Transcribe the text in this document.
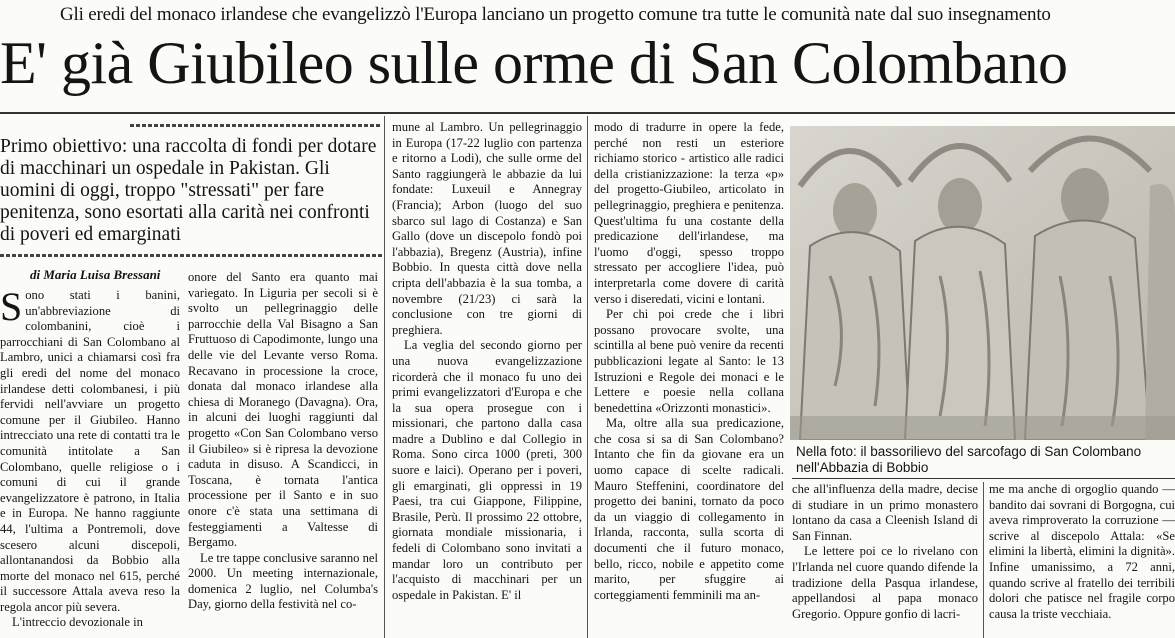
Gli eredi del monaco irlandese che evangelizzò l'Europa lanciano un progetto comune tra tutte le comunità nate dal suo insegnamento
E' già Giubileo sulle orme di San Colombano
Primo obiettivo: una raccolta di fondi per dotare di macchinari un ospedale in Pakistan. Gli uomini di oggi, troppo "stressati" per fare penitenza, sono esortati alla carità nei confronti di poveri ed emarginati
di Maria Luisa Bressani

Sono stati i banini, un'abbreviazione di colombanini, cioè i parrocchiani di San Colombano al Lambro, unici a chiamarsi così fra gli eredi del nome del monaco irlandese detti colombanesi, i più fervidi nell'avviare un progetto comune per il Giubileo. Hanno intrecciato una rete di contatti tra le comunità intitolate a San Colombano, quelle religiose o i comuni di cui il grande evangelizzatore è patrono, in Italia e in Europa. Ne hanno raggiunte 44, l'ultima a Pontremoli, dove scesero alcuni discepoli, allontanandosi da Bobbio alla morte del monaco nel 615, perché il successore Attala aveva reso la regola ancor più severa.

L'intreccio devozionale in

onore del Santo era quanto mai variegato. In Liguria per secoli si è svolto un pellegrinaggio delle parrocchie della Val Bisagno a San Fruttuoso di Capodimonte, lungo una delle vie del Levante verso Roma. Recavano in processione la croce, donata dal monaco irlandese alla chiesa di Moranego (Davagna). Ora, in alcuni dei luoghi raggiunti dal progetto «Con San Colombano verso il Giubileo» si è ripresa la devozione caduta in disuso. A Scandicci, in Toscana, è tornata l'antica processione per il Santo e in suo onore c'è stata una settimana di festeggiamenti a Valtesse di Bergamo.

Le tre tappe conclusive saranno nel 2000. Un meeting internazionale, domenica 2 luglio, nel Columba's Day, giorno della festività nel co-

mune al Lambro. Un pellegrinaggio in Europa (17-22 luglio con partenza e ritorno a Lodi), che sulle orme del Santo raggiungerà le abbazie da lui fondate: Luxeuil e Annegray (Francia); Arbon (luogo del suo sbarco sul lago di Costanza) e San Gallo (dove un discepolo fondò poi l'abbazia), Bregenz (Austria), infine Bobbio. In questa città dove nella cripta dell'abbazia è la sua tomba, a novembre (21/23) ci sarà la conclusione con tre giorni di preghiera.

La veglia del secondo giorno per una nuova evangelizzazione ricorderà che il monaco fu uno dei primi evangelizzatori d'Europa e che la sua opera prosegue con i missionari, che partono dalla casa madre a Dublino e dal Collegio in Roma. Sono circa 1000 (preti, 300 suore e laici). Operano per i poveri, gli emarginati, gli oppressi in 19 Paesi, tra cui Giappone, Filippine, Brasile, Perù. Il prossimo 22 ottobre, giornata mondiale missionaria, i fedeli di Colombano sono invitati a mandar loro un contributo per l'acquisto di macchinari per un ospedale in Pakistan. E' il

modo di tradurre in opere la fede, perché non resti un esteriore richiamo storico - artistico alle radici della cristianizzazione: la terza «p» del progetto-Giubileo, articolato in pellegrinaggio, preghiera e penitenza. Quest'ultima fu una costante della predicazione dell'irlandese, ma l'uomo d'oggi, spesso troppo stressato per accogliere l'idea, può interpretarla come dovere di carità verso i diseredati, vicini e lontani.

Per chi poi crede che i libri possano provocare svolte, una scintilla al bene può venire da recenti pubblicazioni legate al Santo: le 13 Istruzioni e Regole dei monaci e le Lettere e poesie nella collana benedettina «Orizzonti monastici».

Ma, oltre alla sua predicazione, che cosa si sa di San Colombano? Intanto che fin da giovane era un uomo capace di scelte radicali. Mauro Steffenini, coordinatore del progetto dei banini, tornato da poco da un viaggio di collegamento in Irlanda, racconta, sulla scorta di documenti che il futuro monaco, bello, ricco, nobile e appetito come marito, per sfuggire ai corteggiamenti femminili ma an-

Nella foto: il bassorilievo del sarcofago di San Colombano nell'Abbazia di Bobbio

che all'influenza della madre, decise di studiare in un primo monastero lontano da casa a Cleenish Island di San Finnan.

Le lettere poi ce lo rivelano con l'Irlanda nel cuore quando difende la tradizione della Pasqua irlandese, appellandosi al papa monaco Gregorio. Oppure gonfio di lacri-

me ma anche di orgoglio quando — bandito dai sovrani di Borgogna, cui aveva rimproverato la corruzione — scrive al discepolo Attala: «Se elimini la libertà, elimini la dignità». Infine umanissimo, a 72 anni, quando scrive al fratello dei terribili dolori che patisce nel fragile corpo causa la triste vecchiaia.
